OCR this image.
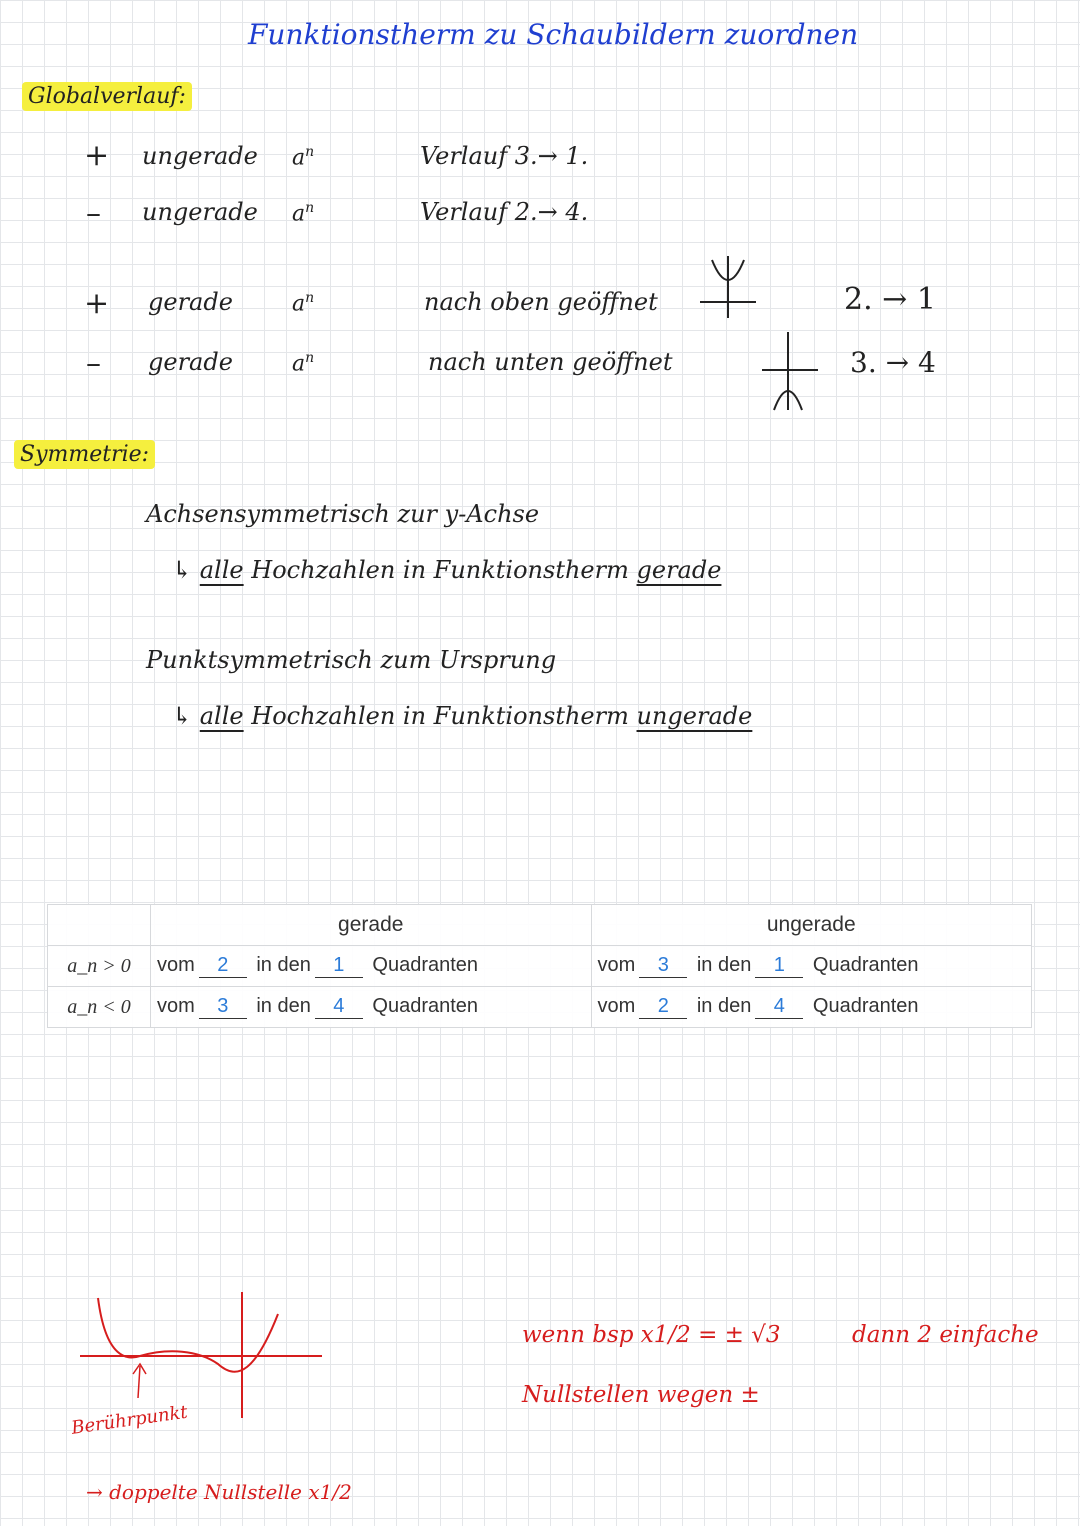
Funktionstherm zu Schaubildern zuordnen
Globalverlauf:
+ ungerade $a^n$	Verlauf 3.→ 1.
– ungerade $a^n$	Verlauf 2.→ 4.
+ gerade	$a^n$	nach oben geöffnet
– gerade	$a^n$	nach unten geöffnet
2. → 1
3. → 4
Symmetrie:
Achsensymmetrisch zur y-Achse
↳ alle Hochzahlen in Funktionstherm gerade
Punktsymmetrisch zum Ursprung
↳ alle Hochzahlen in Funktionstherm ungerade
	gerade	ungerade
a_n > 0	vom 2 in den 1 Quadranten	vom 3 in den 1 Quadranten
a_n < 0	vom 3 in den 4 Quadranten	vom 2 in den 4 Quadranten
Berührpunkt
→ doppelte Nullstelle x1/2
wenn bsp x1/2 = ± √3	dann 2 einfache
Nullstellen wegen ±
